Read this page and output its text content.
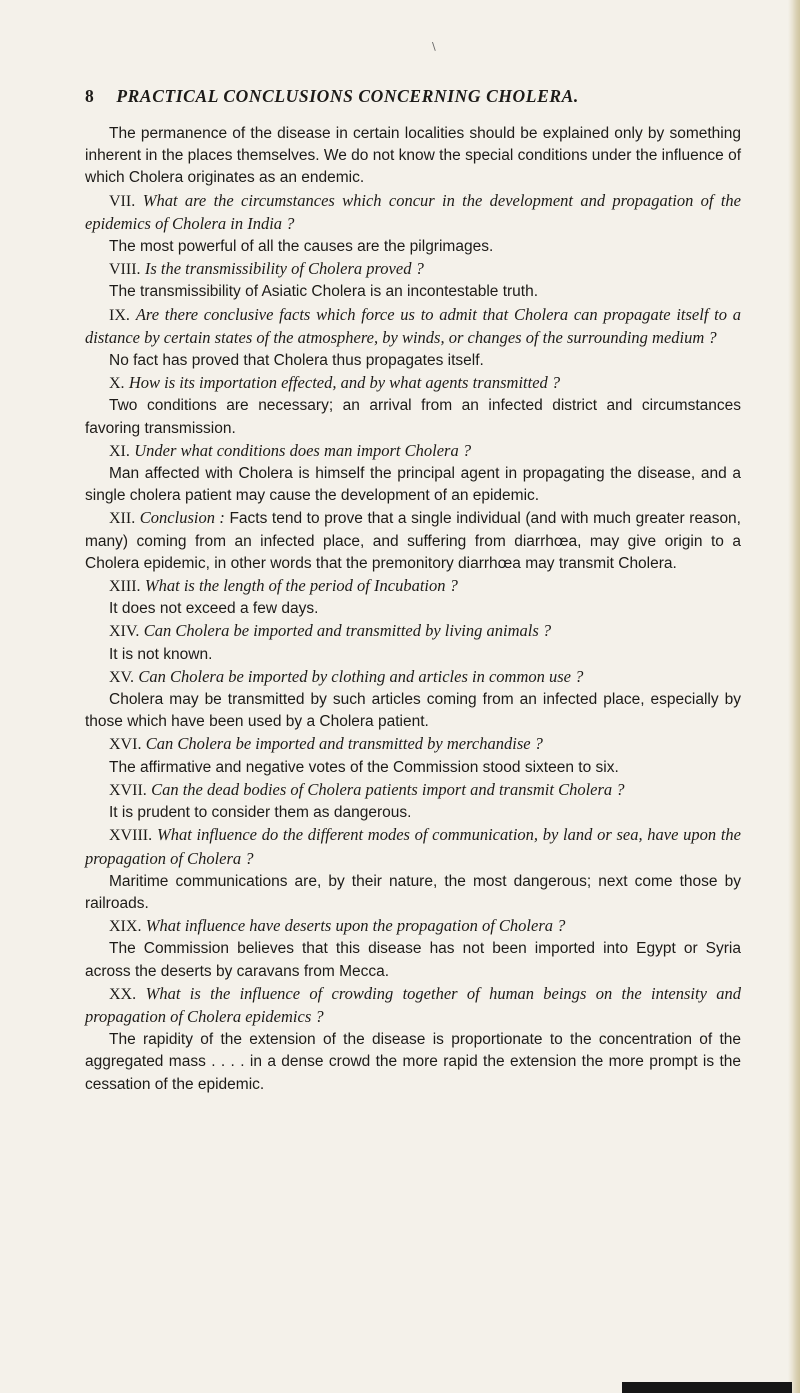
\
8 PRACTICAL CONCLUSIONS CONCERNING CHOLERA.

The permanence of the disease in certain localities should be explained only by something inherent in the places themselves. We do not know the special conditions under the influence of which Cholera originates as an endemic.

VII. What are the circumstances which concur in the development and propagation of the epidemics of Cholera in India ?

The most powerful of all the causes are the pilgrimages.

VIII. Is the transmissibility of Cholera proved ?

The transmissibility of Asiatic Cholera is an incontestable truth.

IX. Are there conclusive facts which force us to admit that Cholera can propagate itself to a distance by certain states of the atmosphere, by winds, or changes of the surrounding medium ?

No fact has proved that Cholera thus propagates itself.

X. How is its importation effected, and by what agents transmitted ?

Two conditions are necessary; an arrival from an infected district and circumstances favoring transmission.

XI. Under what conditions does man import Cholera ?

Man affected with Cholera is himself the principal agent in propagating the disease, and a single cholera patient may cause the development of an epidemic.

XII. Conclusion : Facts tend to prove that a single individual (and with much greater reason, many) coming from an infected place, and suffering from diarrhœa, may give origin to a Cholera epidemic, in other words that the premonitory diarrhœa may transmit Cholera.

XIII. What is the length of the period of Incubation ?

It does not exceed a few days.

XIV. Can Cholera be imported and transmitted by living animals ?

It is not known.

XV. Can Cholera be imported by clothing and articles in common use ?

Cholera may be transmitted by such articles coming from an infected place, especially by those which have been used by a Cholera patient.

XVI. Can Cholera be imported and transmitted by merchandise ?

The affirmative and negative votes of the Commission stood sixteen to six.

XVII. Can the dead bodies of Cholera patients import and transmit Cholera ?

It is prudent to consider them as dangerous.

XVIII. What influence do the different modes of communication, by land or sea, have upon the propagation of Cholera ?

Maritime communications are, by their nature, the most dangerous; next come those by railroads.

XIX. What influence have deserts upon the propagation of Cholera ?

The Commission believes that this disease has not been imported into Egypt or Syria across the deserts by caravans from Mecca.

XX. What is the influence of crowding together of human beings on the intensity and propagation of Cholera epidemics ?

The rapidity of the extension of the disease is proportionate to the concentration of the aggregated mass . . . . in a dense crowd the more rapid the extension the more prompt is the cessation of the epidemic.
